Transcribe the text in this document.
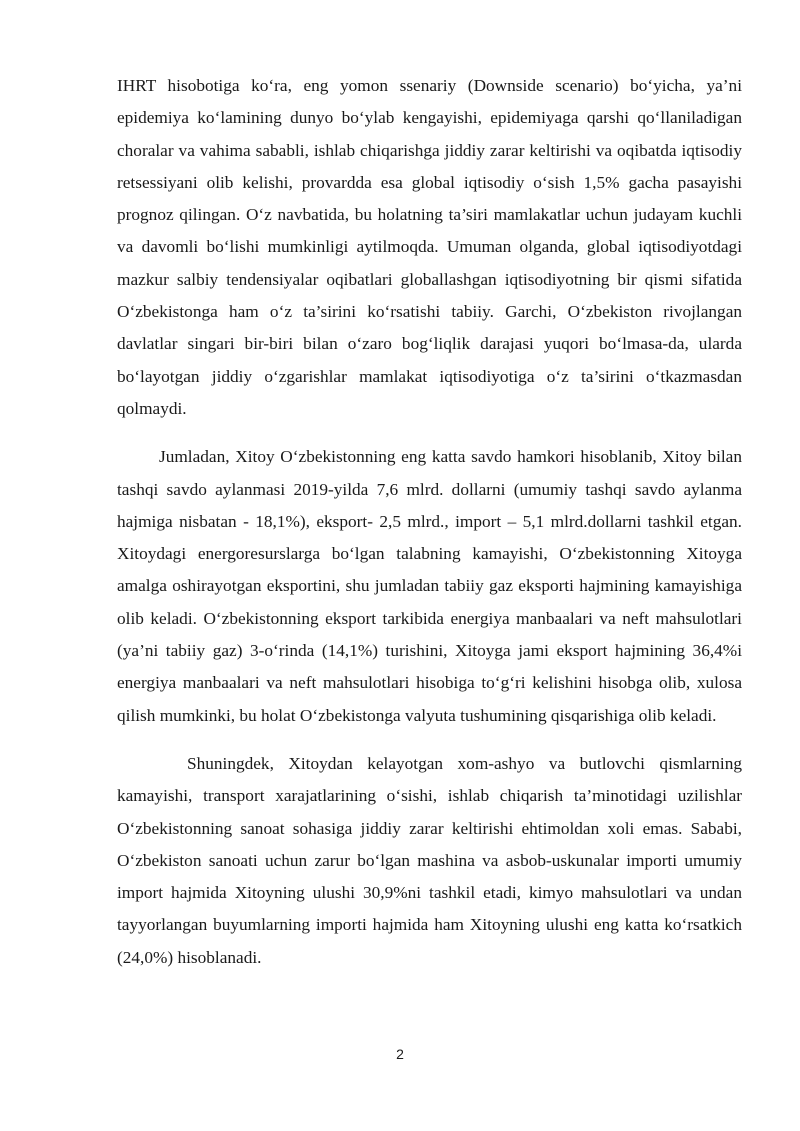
IHRT hisobotiga ko‘ra, eng yomon ssenariy (Downside scenario) bo‘yicha, ya’ni epidemiya ko‘lamining dunyo bo‘ylab kengayishi, epidemiyaga qarshi qo‘llaniladigan choralar va vahima sababli, ishlab chiqarishga jiddiy zarar keltirishi va oqibatda iqtisodiy retsessiyani olib kelishi, provardda esa global iqtisodiy o‘sish 1,5% gacha pasayishi prognoz qilingan. O‘z navbatida, bu holatning ta’siri mamlakatlar uchun judayam kuchli va davomli bo‘lishi mumkinligi aytilmoqda. Umuman olganda, global iqtisodiyotdagi mazkur salbiy tendensiyalar oqibatlari globallashgan iqtisodiyotning bir qismi sifatida O‘zbekistonga ham o‘z ta’sirini ko‘rsatishi tabiiy. Garchi, O‘zbekiston rivojlangan davlatlar singari bir-biri bilan o‘zaro bog‘liqlik darajasi yuqori bo‘lmasa-da, ularda bo‘layotgan jiddiy o‘zgarishlar mamlakat iqtisodiyotiga o‘z ta’sirini o‘tkazmasdan qolmaydi.

Jumladan, Xitoy O‘zbekistonning eng katta savdo hamkori hisoblanib, Xitoy bilan tashqi savdo aylanmasi 2019-yilda 7,6 mlrd. dollarni (umumiy tashqi savdo aylanma hajmiga nisbatan - 18,1%), eksport- 2,5 mlrd., import – 5,1 mlrd.dollarni tashkil etgan. Xitoydagi energoresurslarga bo‘lgan talabning kamayishi, O‘zbekistonning Xitoyga amalga oshirayotgan eksportini, shu jumladan tabiiy gaz eksporti hajmining kamayishiga olib keladi. O‘zbekistonning eksport tarkibida energiya manbaalari va neft mahsulotlari (ya’ni tabiiy gaz) 3-o‘rinda (14,1%) turishini, Xitoyga jami eksport hajmining 36,4%i energiya manbaalari va neft mahsulotlari hisobiga to‘g‘ri kelishini hisobga olib, xulosa qilish mumkinki, bu holat O‘zbekistonga valyuta tushumining qisqarishiga olib keladi.

Shuningdek, Xitoydan kelayotgan xom-ashyo va butlovchi qismlarning kamayishi, transport xarajatlarining o‘sishi, ishlab chiqarish ta’minotidagi uzilishlar O‘zbekistonning sanoat sohasiga jiddiy zarar keltirishi ehtimoldan xoli emas. Sababi, O‘zbekiston sanoati uchun zarur bo‘lgan mashina va asbob-uskunalar importi umumiy import hajmida Xitoyning ulushi 30,9%ni tashkil etadi, kimyo mahsulotlari va undan tayyorlangan buyumlarning importi hajmida ham Xitoyning ulushi eng katta ko‘rsatkich (24,0%) hisoblanadi.

2
